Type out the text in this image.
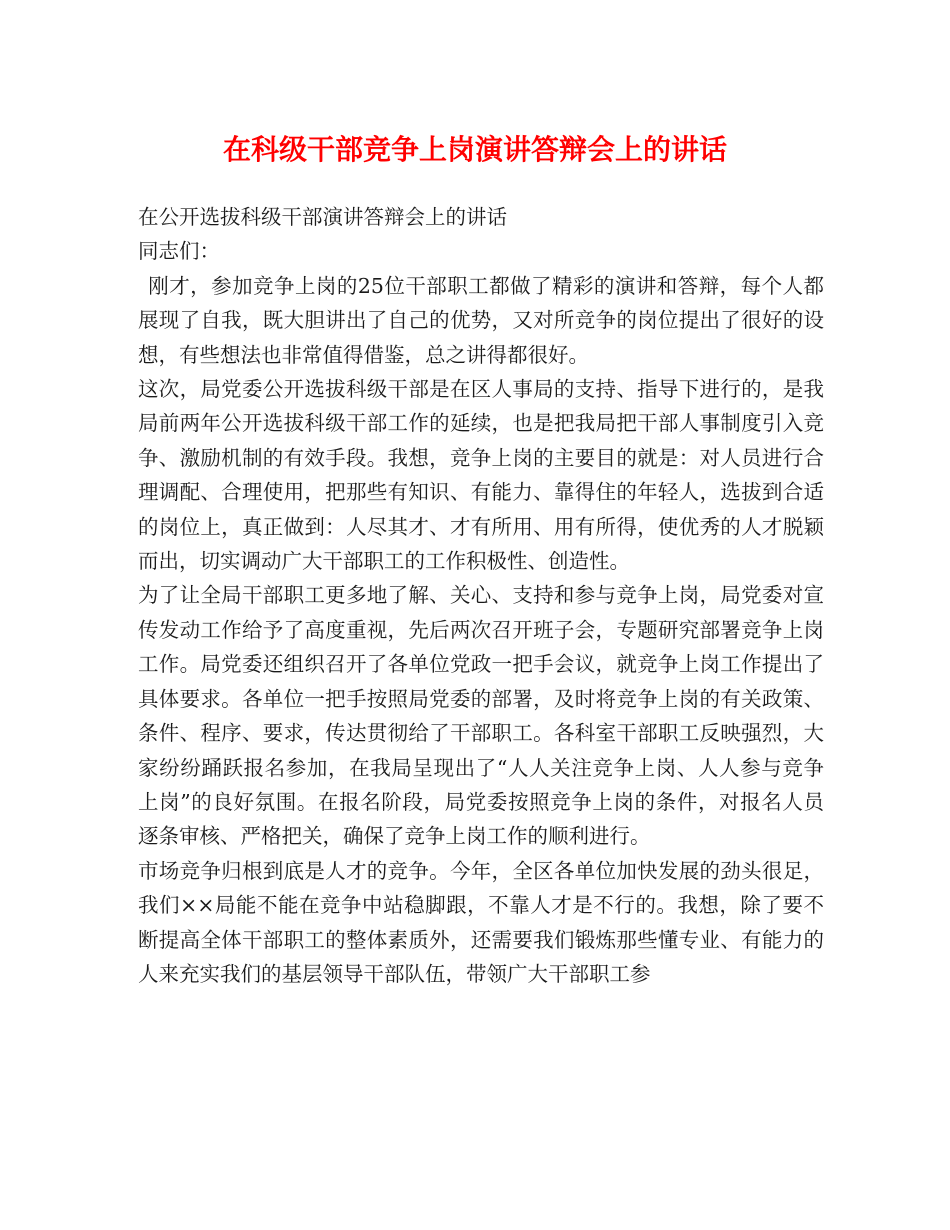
在科级干部竞争上岗演讲答辩会上的讲话

在公开选拔科级干部演讲答辩会上的讲话

同志们：

刚才，参加竞争上岗的25位干部职工都做了精彩的演讲和答辩，每个人都展现了自我，既大胆讲出了自己的优势，又对所竞争的岗位提出了很好的设想，有些想法也非常值得借鉴，总之讲得都很好。

这次，局党委公开选拔科级干部是在区人事局的支持、指导下进行的，是我局前两年公开选拔科级干部工作的延续，也是把我局把干部人事制度引入竞争、激励机制的有效手段。我想，竞争上岗的主要目的就是：对人员进行合理调配、合理使用，把那些有知识、有能力、靠得住的年轻人，选拔到合适的岗位上，真正做到：人尽其才、才有所用、用有所得，使优秀的人才脱颖而出，切实调动广大干部职工的工作积极性、创造性。

为了让全局干部职工更多地了解、关心、支持和参与竞争上岗，局党委对宣传发动工作给予了高度重视，先后两次召开班子会，专题研究部署竞争上岗工作。局党委还组织召开了各单位党政一把手会议，就竞争上岗工作提出了具体要求。各单位一把手按照局党委的部署，及时将竞争上岗的有关政策、条件、程序、要求，传达贯彻给了干部职工。各科室干部职工反映强烈，大家纷纷踊跃报名参加，在我局呈现出了“人人关注竞争上岗、人人参与竞争上岗”的良好氛围。在报名阶段，局党委按照竞争上岗的条件，对报名人员逐条审核、严格把关，确保了竞争上岗工作的顺利进行。

市场竞争归根到底是人才的竞争。今年，全区各单位加快发展的劲头很足，我们××局能不能在竞争中站稳脚跟，不靠人才是不行的。我想，除了要不断提高全体干部职工的整体素质外，还需要我们锻炼那些懂专业、有能力的人来充实我们的基层领导干部队伍，带领广大干部职工参
